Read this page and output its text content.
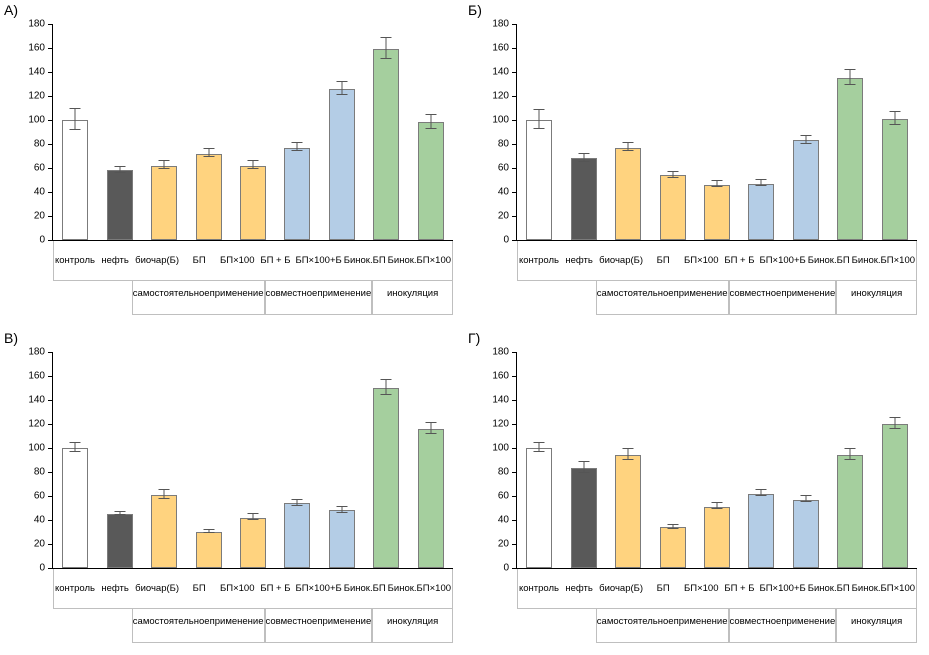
А)
0
20
40
60
80
100
120
140
160
180
контроль нефть биочар (Б) БП БП×100 БП + Б БП×100 +Б Бинок. БП Бинок. БП×100
самостоятельное применение совместное применение инокуляция
Б)
0
20
40
60
80
100
120
140
160
180
контроль нефть биочар (Б) БП БП×100 БП + Б БП×100 +Б Бинок. БП Бинок. БП×100
самостоятельное применение совместное применение инокуляция
В)
0
20
40
60
80
100
120
140
160
180
контроль нефть биочар (Б) БП БП×100 БП + Б БП×100 +Б Бинок. БП Бинок. БП×100
самостоятельное применение совместное применение инокуляция
Г)
0
20
40
60
80
100
120
140
160
180
контроль нефть биочар (Б) БП БП×100 БП + Б БП×100 +Б Бинок. БП Бинок. БП×100
самостоятельное применение совместное применение инокуляция
